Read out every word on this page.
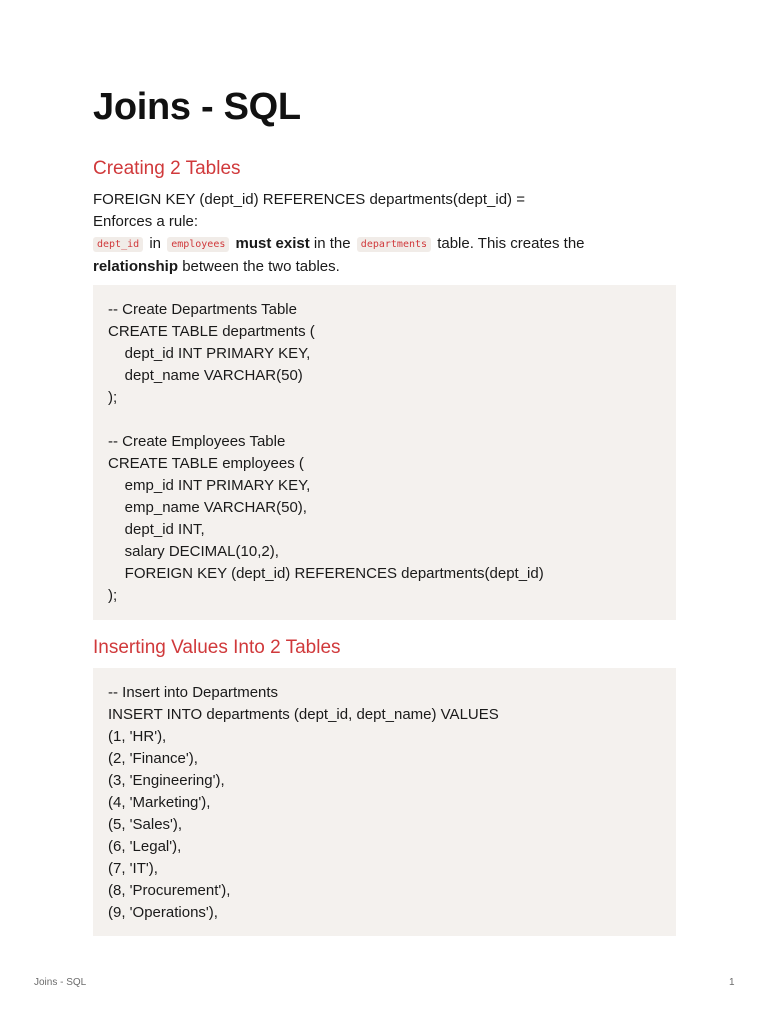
Joins - SQL
Creating 2 Tables

FOREIGN KEY (dept_id) REFERENCES departments(dept_id) =

Enforces a rule:

dept_id in employees must exist in the departments table. This creates the

relationship between the two tables.

-- Create Departments Table
CREATE TABLE departments (
dept_id INT PRIMARY KEY,
dept_name VARCHAR(50)
);
-- Create Employees Table
CREATE TABLE employees (
emp_id INT PRIMARY KEY,
emp_name VARCHAR(50),
dept_id INT,
salary DECIMAL(10,2),
FOREIGN KEY (dept_id) REFERENCES departments(dept_id)
);
Inserting Values Into 2 Tables
-- Insert into Departments
INSERT INTO departments (dept_id, dept_name) VALUES
(1, 'HR'),
(2, 'Finance'),
(3, 'Engineering'),
(4, 'Marketing'),
(5, 'Sales'),
(6, 'Legal'),
(7, 'IT'),
(8, 'Procurement'),
(9, 'Operations'),
Joins - SQL	1
